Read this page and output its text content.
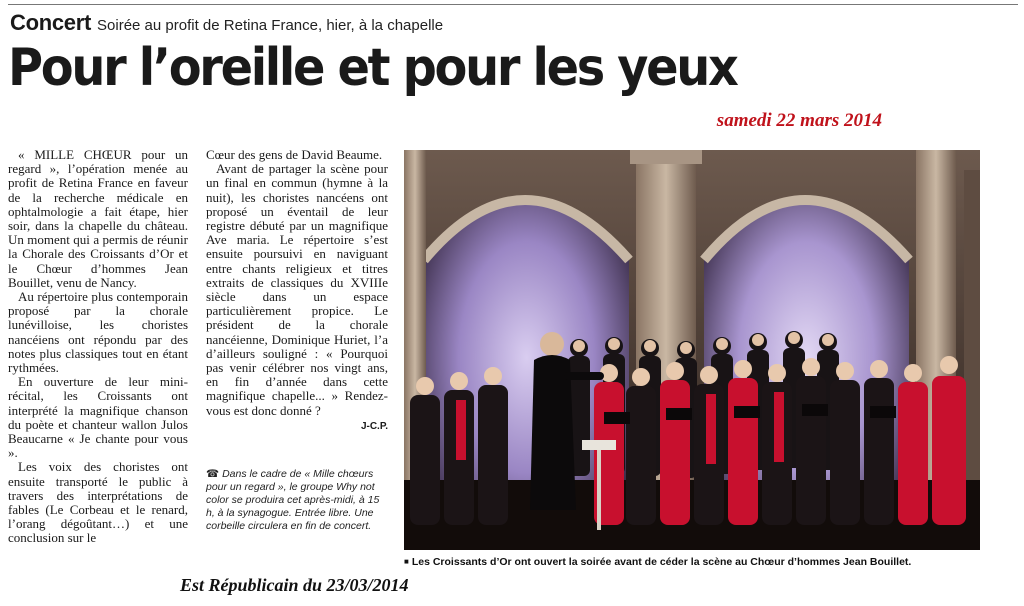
Concert Soirée au profit de Retina France, hier, à la chapelle
Pour l’oreille et pour les yeux
samedi 22 mars 2014

« MILLE CHŒUR pour un regard », l’opération menée au profit de Retina France en faveur de la recherche médicale en ophtalmologie a fait étape, hier soir, dans la chapelle du château. Un moment qui a permis de réunir la Chorale des Croissants d’Or et le Chœur d’hommes Jean Bouillet, venu de Nancy.

Au répertoire plus contemporain proposé par la chorale lunévilloise, les choristes nancéiens ont répondu par des notes plus classiques tout en étant rythmées.

En ouverture de leur mini-récital, les Croissants ont interprété la magnifique chanson du poète et chanteur wallon Julos Beaucarne « Je chante pour vous ».

Les voix des choristes ont ensuite transporté le public à travers des interprétations de fables (Le Corbeau et le renard, l’orang dégoûtant…) et une conclusion sur le

Cœur des gens de David Beaume.

Avant de partager la scène pour un final en commun (hymne à la nuit), les choristes nancéens ont proposé un éventail de leur registre débuté par un magnifique Ave maria. Le répertoire s’est ensuite poursuivi en naviguant entre chants religieux et titres extraits de classiques du XVIIIe siècle dans un espace particulièrement propice. Le président de la chorale nancéienne, Dominique Huriet, l’a d’ailleurs souligné : « Pourquoi pas venir célébrer nos vingt ans, en fin d’année dans cette magnifique chapelle... » Rendez-vous est donc donné ?

J-C.P.
☎ Dans le cadre de « Mille chœurs pour un regard », le groupe Why not color se produira cet après-midi, à 15 h, à la synagogue. Entrée libre. Une corbeille circulera en fin de concert.
Est Républicain du 23/03/2014
■ Les Croissants d’Or ont ouvert la soirée avant de céder la scène au Chœur d’hommes Jean Bouillet.
